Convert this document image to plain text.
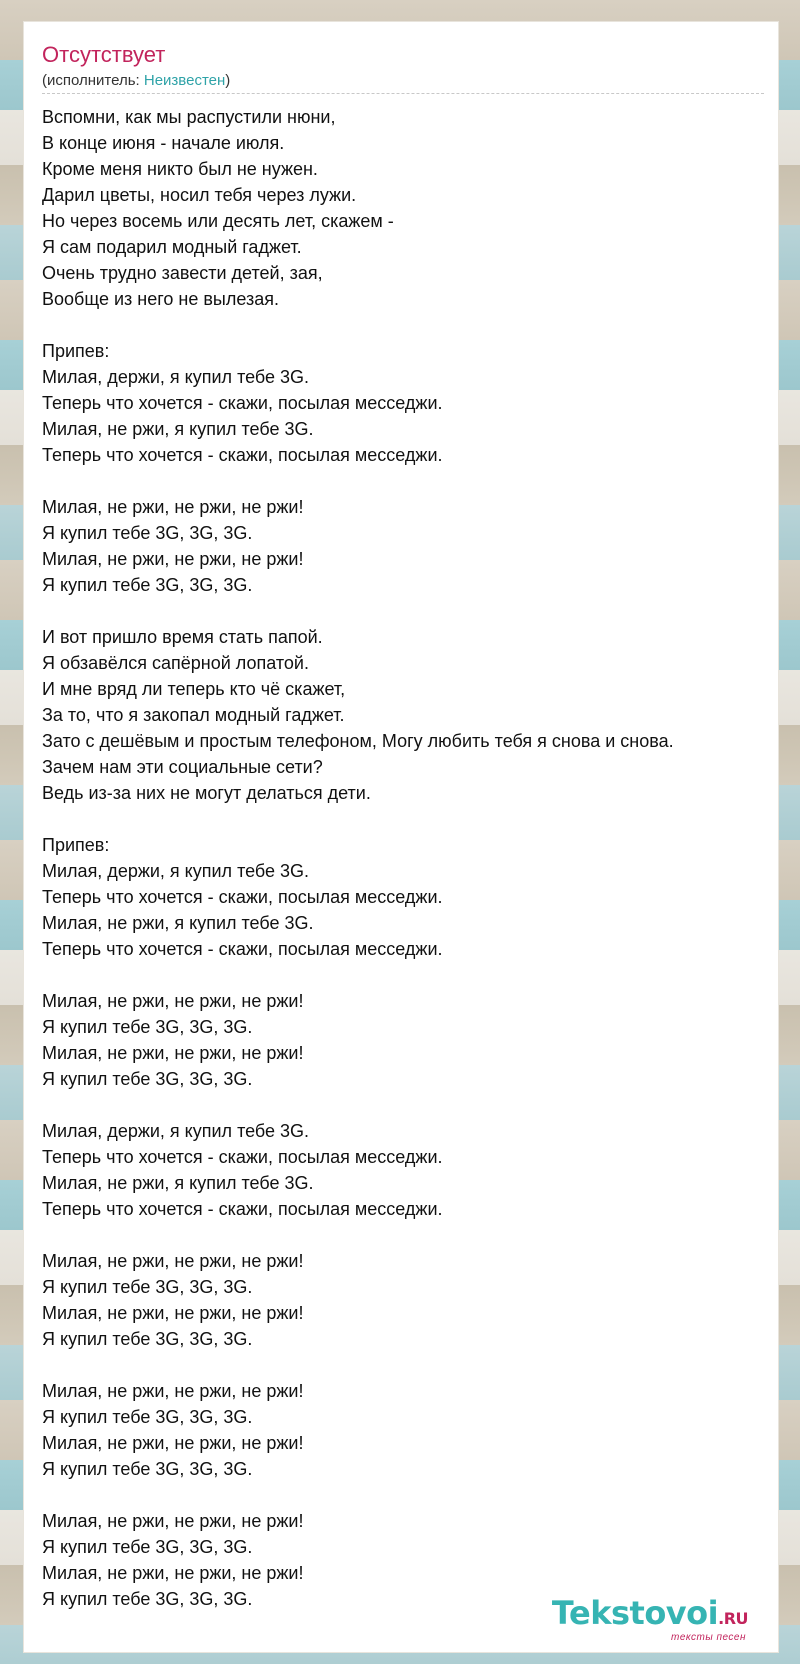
Отсутствует
(исполнитель: Неизвестен)
Вспомни, как мы распустили нюни,
В конце июня - начале июля.
Кроме меня никто был не нужен.
Дарил цветы, носил тебя через лужи.
Но через восемь или десять лет, скажем -
Я сам подарил модный гаджет.
Очень трудно завести детей, зая,
Вообще из него не вылезая.
Припев:
Милая, держи, я купил тебе 3G.
Теперь что хочется - скажи, посылая месседжи.
Милая, не ржи, я купил тебе 3G.
Теперь что хочется - скажи, посылая месседжи.
Милая, не ржи, не ржи, не ржи!
Я купил тебе 3G, 3G, 3G.
Милая, не ржи, не ржи, не ржи!
Я купил тебе 3G, 3G, 3G.
И вот пришло время стать папой.
Я обзавёлся сапёрной лопатой.
И мне вряд ли теперь кто чё скажет,
За то, что я закопал модный гаджет.
Зато с дешёвым и простым телефоном, Могу любить тебя я снова и снова.
Зачем нам эти социальные сети?
Ведь из-за них не могут делаться дети.
Припев:
Милая, держи, я купил тебе 3G.
Теперь что хочется - скажи, посылая месседжи.
Милая, не ржи, я купил тебе 3G.
Теперь что хочется - скажи, посылая месседжи.
Милая, не ржи, не ржи, не ржи!
Я купил тебе 3G, 3G, 3G.
Милая, не ржи, не ржи, не ржи!
Я купил тебе 3G, 3G, 3G.
Милая, держи, я купил тебе 3G.
Теперь что хочется - скажи, посылая месседжи.
Милая, не ржи, я купил тебе 3G.
Теперь что хочется - скажи, посылая месседжи.
Милая, не ржи, не ржи, не ржи!
Я купил тебе 3G, 3G, 3G.
Милая, не ржи, не ржи, не ржи!
Я купил тебе 3G, 3G, 3G.
Милая, не ржи, не ржи, не ржи!
Я купил тебе 3G, 3G, 3G.
Милая, не ржи, не ржи, не ржи!
Я купил тебе 3G, 3G, 3G.
Милая, не ржи, не ржи, не ржи!
Я купил тебе 3G, 3G, 3G.
Милая, не ржи, не ржи, не ржи!
Я купил тебе 3G, 3G, 3G.	Tekstovoi.RU
тексты песен
